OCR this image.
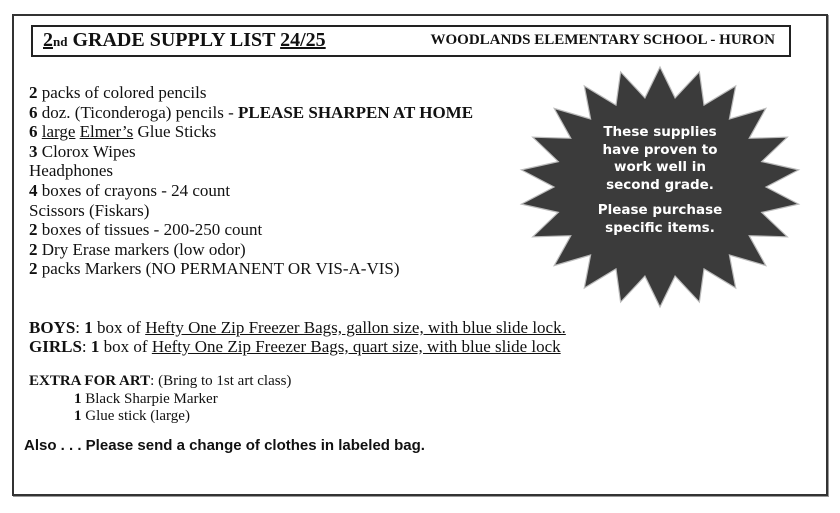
2nd GRADE SUPPLY LIST 24/25	WOODLANDS ELEMENTARY SCHOOL - HURON
2 packs of colored pencils
6 doz. (Ticonderoga) pencils - PLEASE SHARPEN AT HOME
6 large Elmer’s Glue Sticks
3 Clorox Wipes
Headphones
4 boxes of crayons - 24 count
Scissors (Fiskars)
2 boxes of tissues - 200-250 count
2 Dry Erase markers (low odor)
2 packs Markers (NO PERMANENT OR VIS-A-VIS)
BOYS: 1 box of Hefty One Zip Freezer Bags, gallon size, with blue slide lock.
GIRLS: 1 box of Hefty One Zip Freezer Bags, quart size, with blue slide lock
EXTRA FOR ART: (Bring to 1st art class)
1 Black Sharpie Marker
1 Glue stick (large)
Also . . . Please send a change of clothes in labeled bag.
These supplies
have proven to
work well in
second grade.
Please purchase
specific items.
